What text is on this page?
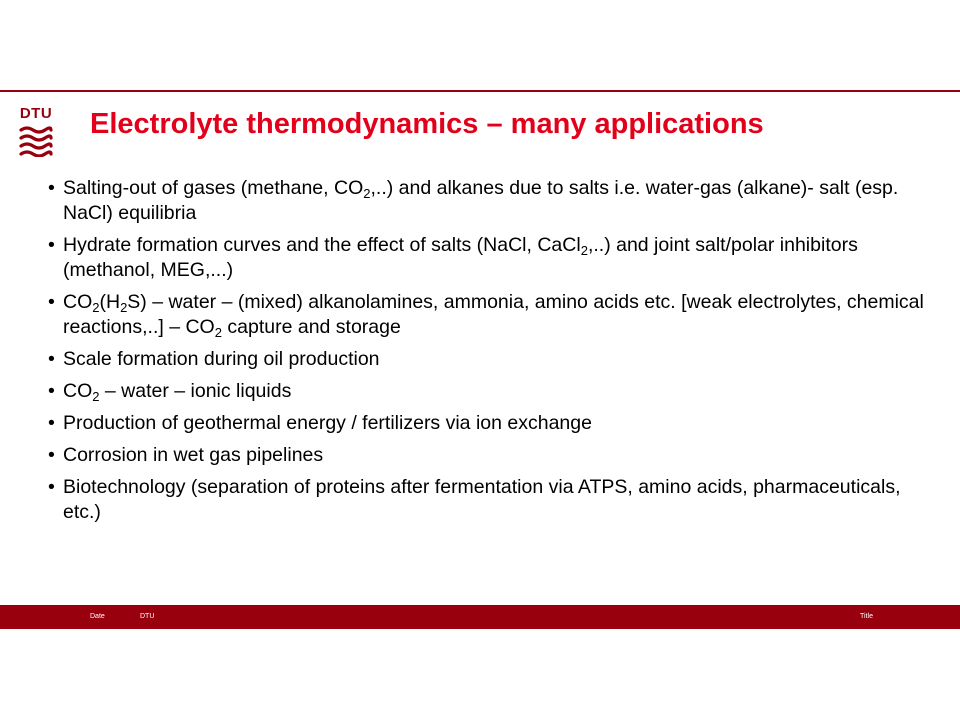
DTU Electrolyte thermodynamics – many applications
• Salting-out of gases (methane, $CO_2$,..) and alkanes due to salts i.e. water-gas (alkane)- salt (esp. NaCl) equilibria
• Hydrate formation curves and the effect of salts (NaCl, CaCl$_2$,..) and joint salt/polar inhibitors (methanol, MEG,...)
• $CO_2(H_2S)$ – water – (mixed) alkanolamines, ammonia, amino acids etc. [weak electrolytes, chemical reactions,..] – $CO_2$ capture and storage
• Scale formation during oil production
• $CO_2$ – water – ionic liquids
• Production of geothermal energy / fertilizers via ion exchange
• Corrosion in wet gas pipelines
• Biotechnology (separation of proteins after fermentation via ATPS, amino acids, pharmaceuticals, etc.)
Date	DTU	Title
